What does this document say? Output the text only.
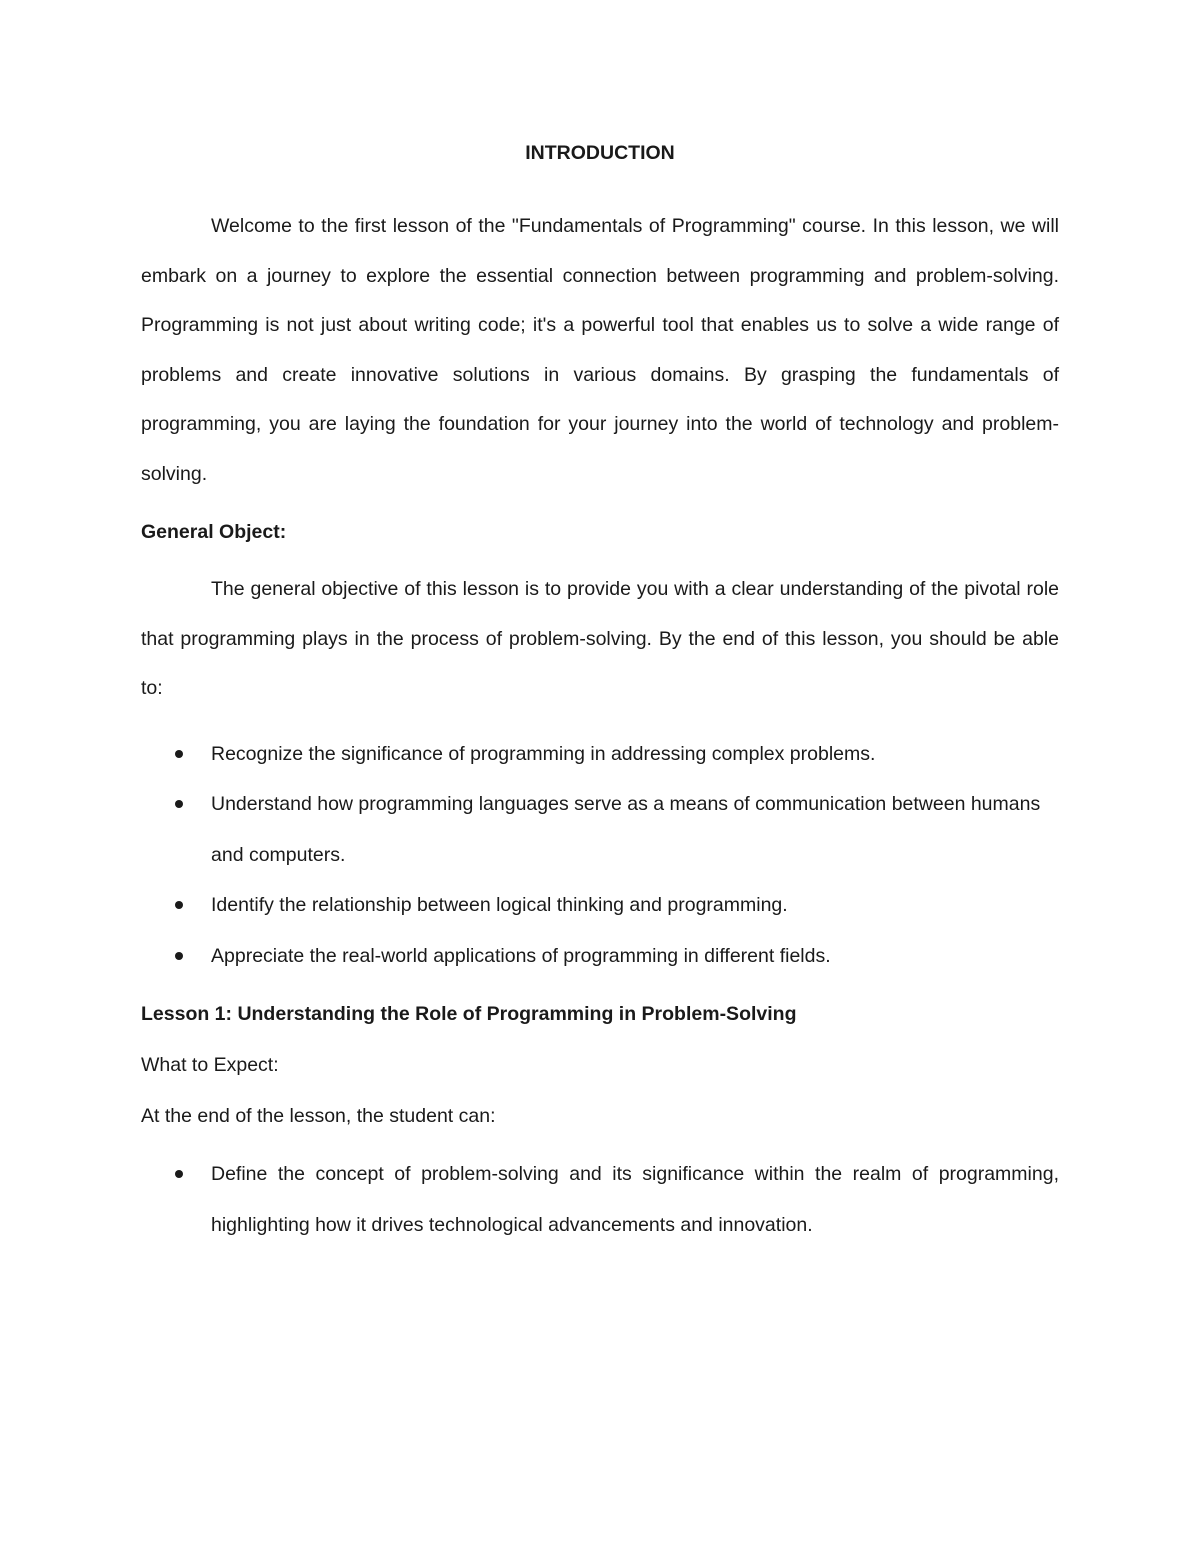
INTRODUCTION

Welcome to the first lesson of the "Fundamentals of Programming" course. In this lesson, we will embark on a journey to explore the essential connection between programming and problem-solving. Programming is not just about writing code; it's a powerful tool that enables us to solve a wide range of problems and create innovative solutions in various domains. By grasping the fundamentals of programming, you are laying the foundation for your journey into the world of technology and problem-solving.

General Object:

The general objective of this lesson is to provide you with a clear understanding of the pivotal role that programming plays in the process of problem-solving. By the end of this lesson, you should be able to:

Recognize the significance of programming in addressing complex problems.
Understand how programming languages serve as a means of communication between humans and computers.
Identify the relationship between logical thinking and programming.
Appreciate the real-world applications of programming in different fields.
Lesson 1: Understanding the Role of Programming in Problem-Solving
What to Expect:
At the end of the lesson, the student can:
Define the concept of problem-solving and its significance within the realm of programming, highlighting how it drives technological advancements and innovation.
